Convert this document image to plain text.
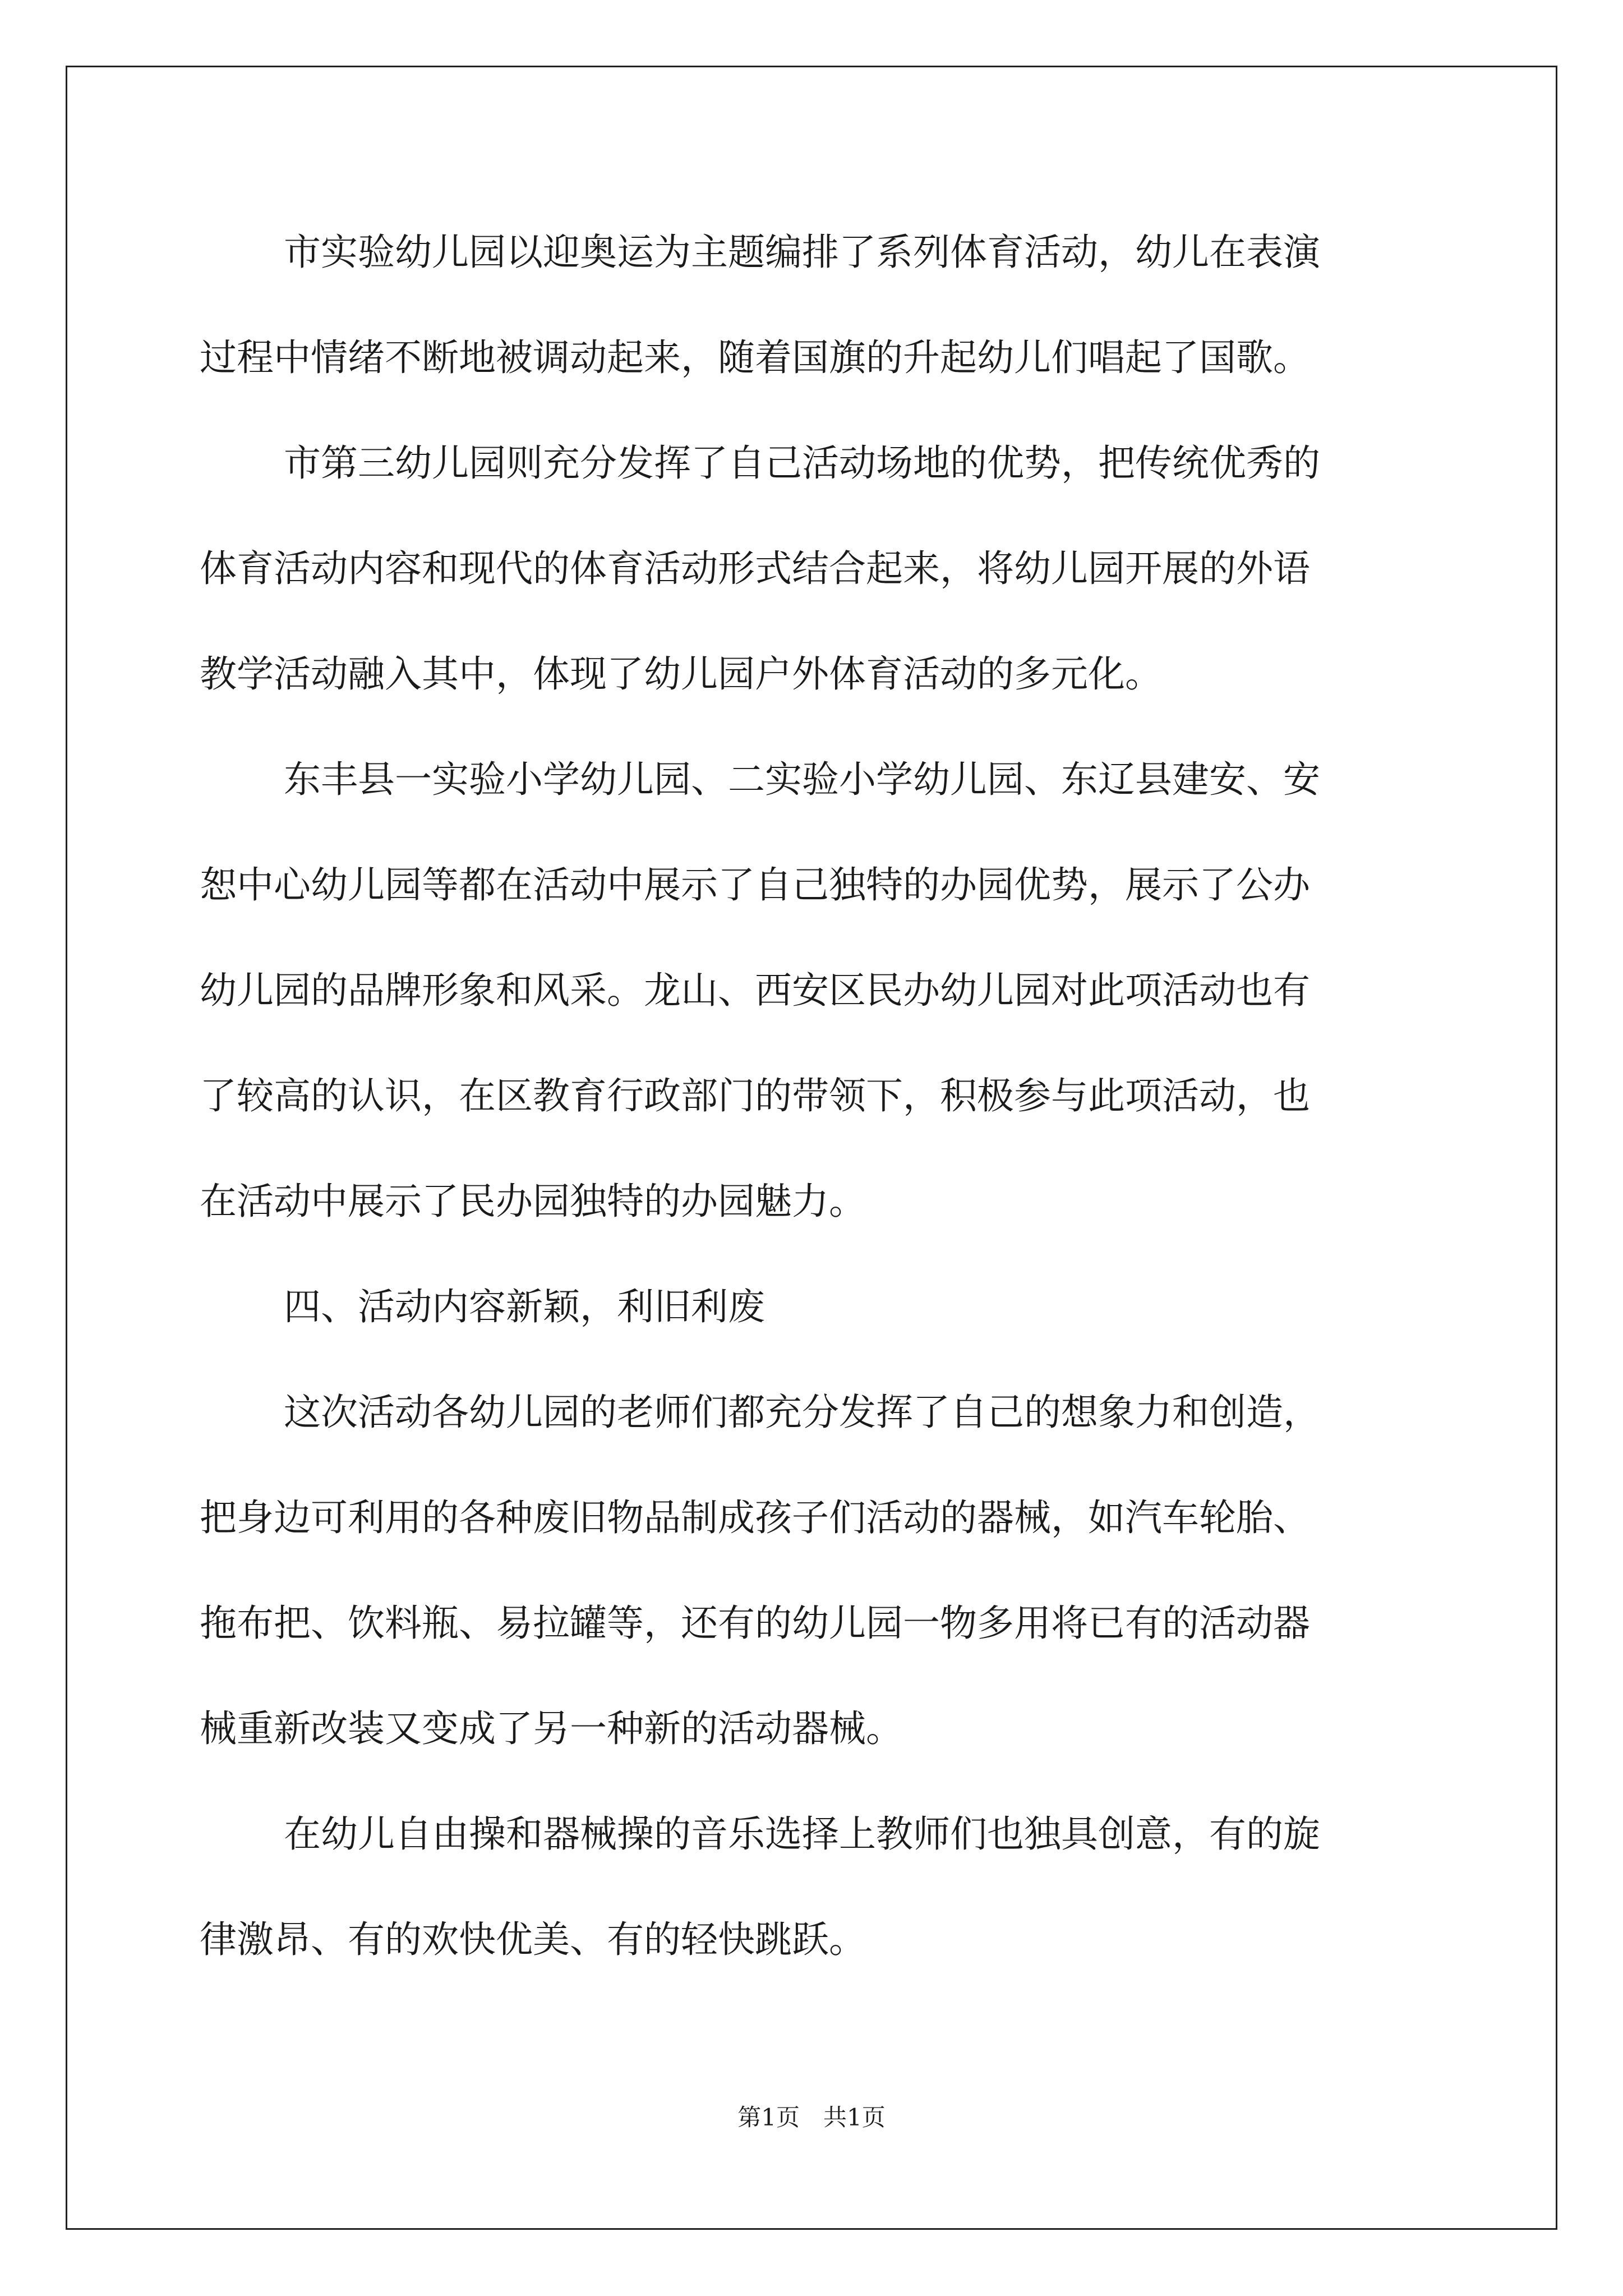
市实验幼儿园以迎奥运为主题编排了系列体育活动，幼儿在表演
过程中情绪不断地被调动起来，随着国旗的升起幼儿们唱起了国歌。
市第三幼儿园则充分发挥了自己活动场地的优势，把传统优秀的
体育活动内容和现代的体育活动形式结合起来，将幼儿园开展的外语
教学活动融入其中，体现了幼儿园户外体育活动的多元化。
东丰县一实验小学幼儿园、二实验小学幼儿园、东辽县建安、安
恕中心幼儿园等都在活动中展示了自己独特的办园优势，展示了公办
幼儿园的品牌形象和风采。龙山、西安区民办幼儿园对此项活动也有
了较高的认识，在区教育行政部门的带领下，积极参与此项活动，也
在活动中展示了民办园独特的办园魅力。
四、活动内容新颖，利旧利废
这次活动各幼儿园的老师们都充分发挥了自己的想象力和创造，
把身边可利用的各种废旧物品制成孩子们活动的器械，如汽车轮胎、
拖布把、饮料瓶、易拉罐等，还有的幼儿园一物多用将已有的活动器
械重新改装又变成了另一种新的活动器械。
在幼儿自由操和器械操的音乐选择上教师们也独具创意，有的旋
律激昂、有的欢快优美、有的轻快跳跃。
第1页　共1页
